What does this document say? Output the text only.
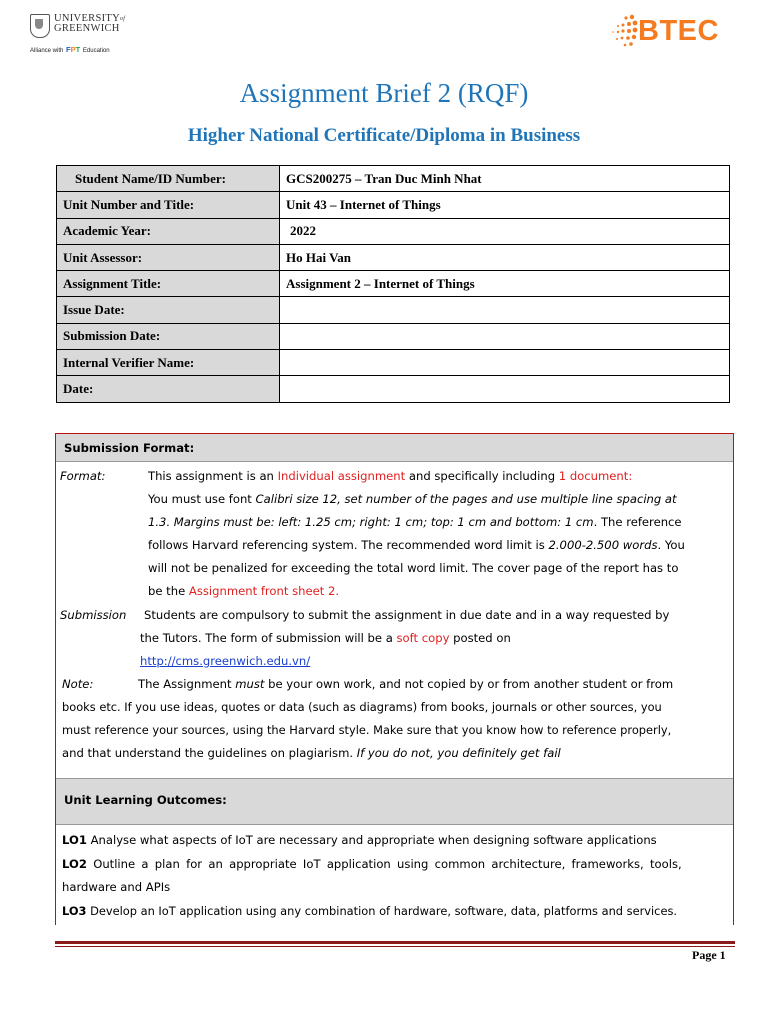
$UNIVERSITY^{of}$
GREENWICH
Alliance with FPT Education
BTEC
Assignment Brief 2 (RQF)
Higher National Certificate/Diploma in Business
Student Name/ID Number:	GCS200275 – Tran Duc Minh Nhat
Unit Number and Title:	Unit 43 – Internet of Things
Academic Year:	2022
Unit Assessor:	Ho Hai Van
Assignment Title:	Assignment 2 – Internet of Things
Issue Date:	
Submission Date:	
Internal Verifier Name:	
Date:	
Submission Format:
Format:	This assignment is an Individual assignment and specifically including 1 document:
You must use font Calibri size 12, set number of the pages and use multiple line spacing at
1.3. Margins must be: left: 1.25 cm; right: 1 cm; top: 1 cm and bottom: 1 cm. The reference
follows Harvard referencing system. The recommended word limit is 2.000-2.500 words. You
will not be penalized for exceeding the total word limit. The cover page of the report has to
be the Assignment front sheet 2.
Submission Students are compulsory to submit the assignment in due date and in a way requested by
the Tutors. The form of submission will be a soft copy posted on
http://cms.greenwich.edu.vn/
Note:	The Assignment must be your own work, and not copied by or from another student or from
books etc. If you use ideas, quotes or data (such as diagrams) from books, journals or other sources, you
must reference your sources, using the Harvard style. Make sure that you know how to reference properly,
and that understand the guidelines on plagiarism. If you do not, you definitely get fail
Unit Learning Outcomes:
LO1 Analyse what aspects of IoT are necessary and appropriate when designing software applications
LO2 Outline a plan for an appropriate IoT application using common architecture, frameworks, tools,
hardware and APIs
LO3 Develop an IoT application using any combination of hardware, software, data, platforms and services.
Page 1
